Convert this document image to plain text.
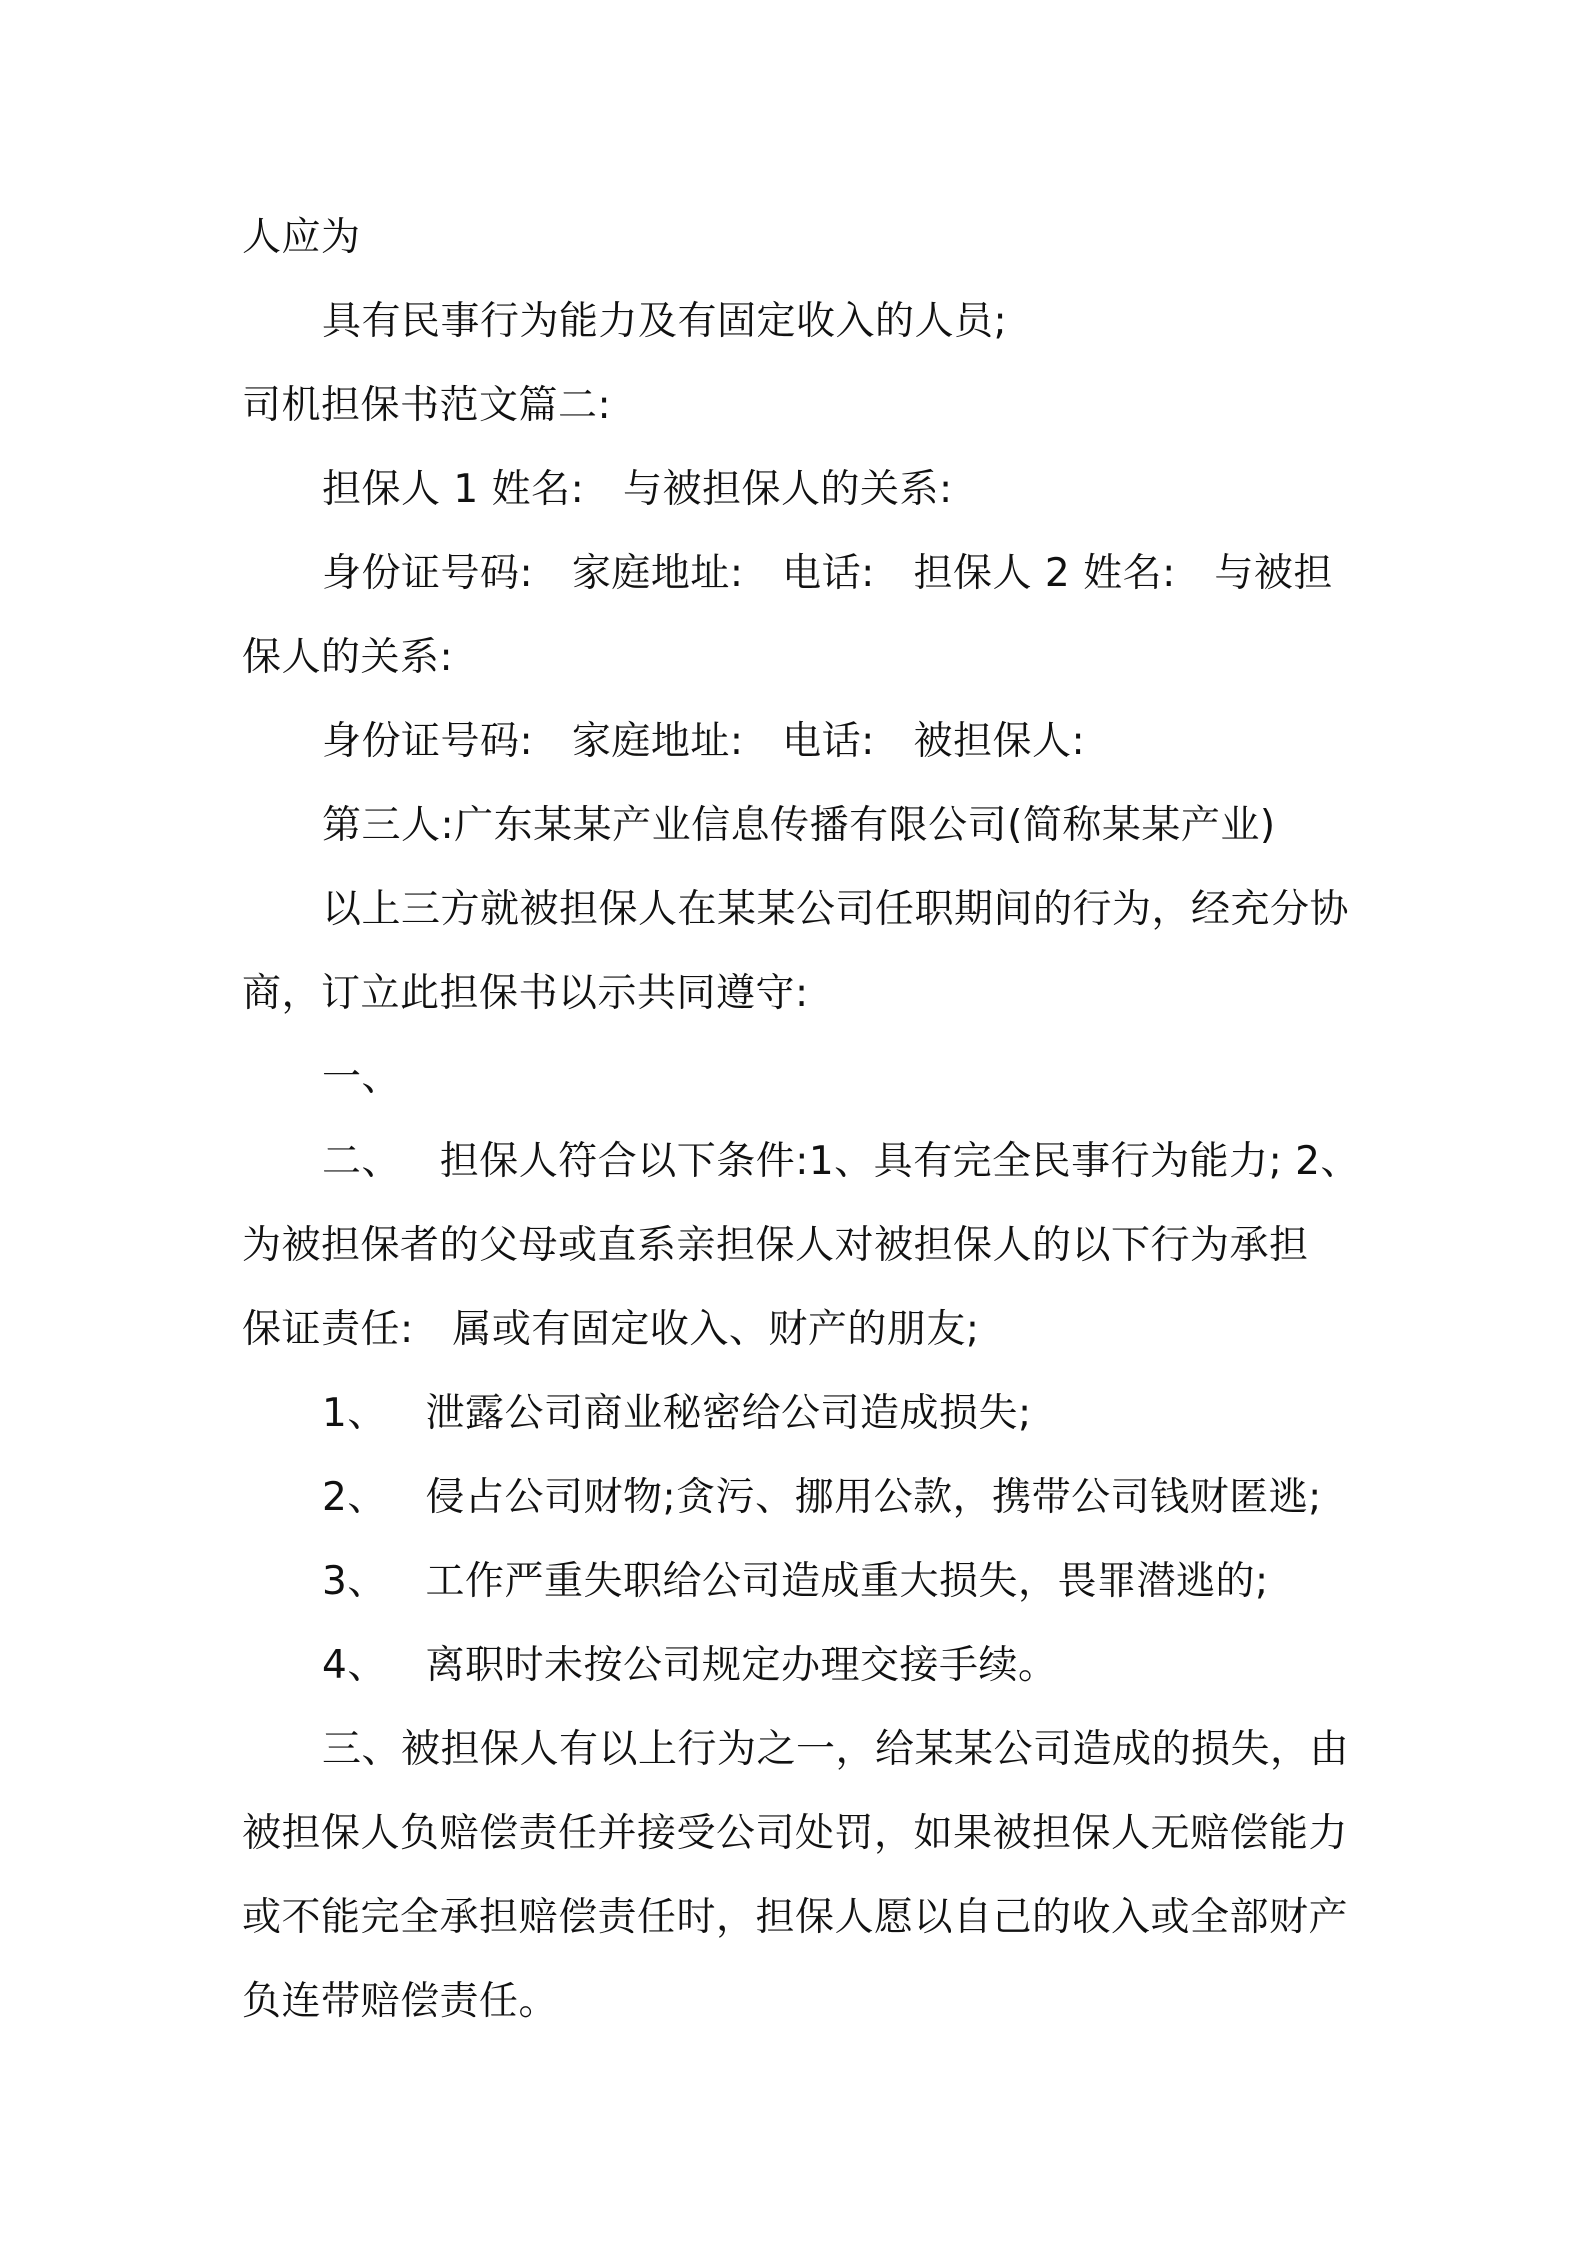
人应为
具有民事行为能力及有固定收入的人员;
司机担保书范文篇二:
担保人 1 姓名:   与被担保人的关系:
身份证号码:   家庭地址:   电话:   担保人 2 姓名:   与被担
保人的关系:
身份证号码:   家庭地址:   电话:   被担保人:
第三人:广东某某产业信息传播有限公司(简称某某产业)
以上三方就被担保人在某某公司任职期间的行为，经充分协
商，订立此担保书以示共同遵守:
一、
二、   担保人符合以下条件:1、具有完全民事行为能力; 2、
为被担保者的父母或直系亲担保人对被担保人的以下行为承担
保证责任:   属或有固定收入、财产的朋友;
1、   泄露公司商业秘密给公司造成损失;
2、   侵占公司财物;贪污、挪用公款，携带公司钱财匿逃;
3、   工作严重失职给公司造成重大损失，畏罪潜逃的;
4、   离职时未按公司规定办理交接手续。
三、被担保人有以上行为之一，给某某公司造成的损失，由
被担保人负赔偿责任并接受公司处罚，如果被担保人无赔偿能力
或不能完全承担赔偿责任时，担保人愿以自己的收入或全部财产
负连带赔偿责任。
